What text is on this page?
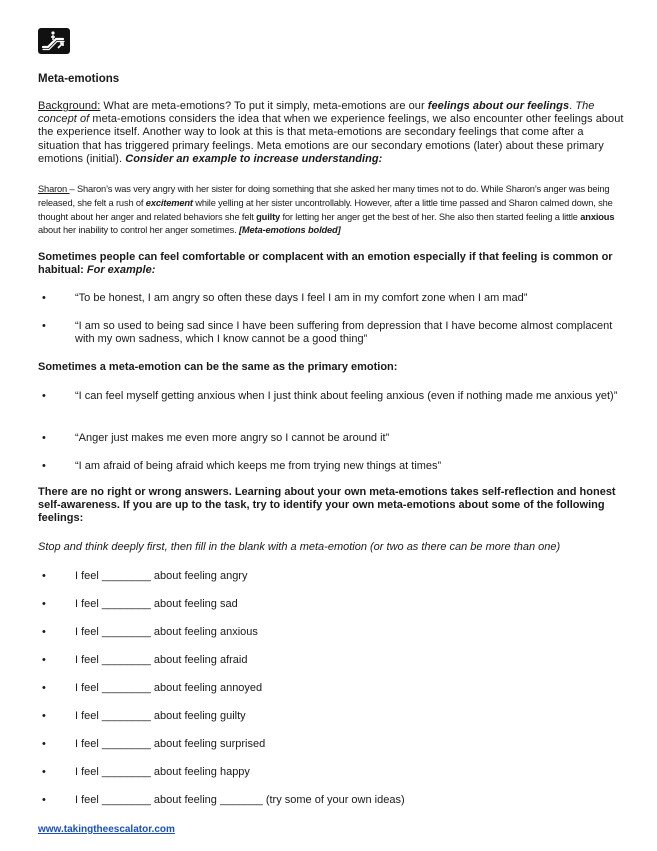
Meta-emotions
Background: What are meta-emotions? To put it simply, meta-emotions are our feelings about our feelings. The concept of meta-emotions considers the idea that when we experience feelings, we also encounter other feelings about the experience itself. Another way to look at this is that meta-emotions are secondary feelings that come after a situation that has triggered primary feelings. Meta emotions are our secondary emotions (later) about these primary emotions (initial). Consider an example to increase understanding:
Sharon – Sharon’s was very angry with her sister for doing something that she asked her many times not to do. While Sharon’s anger was being released, she felt a rush of excitement while yelling at her sister uncontrollably. However, after a little time passed and Sharon calmed down, she thought about her anger and related behaviors she felt guilty for letting her anger get the best of her. She also then started feeling a little anxious about her inability to control her anger sometimes. [Meta-emotions bolded]
Sometimes people can feel comfortable or complacent with an emotion especially if that feeling is common or habitual: For example:
•	“To be honest, I am angry so often these days I feel I am in my comfort zone when I am mad”
•	“I am so used to being sad since I have been suffering from depression that I have become almost complacent with my own sadness, which I know cannot be a good thing”
Sometimes a meta-emotion can be the same as the primary emotion:
•	“I can feel myself getting anxious when I just think about feeling anxious (even if nothing made me anxious yet)”
•	“Anger just makes me even more angry so I cannot be around it”
•	“I am afraid of being afraid which keeps me from trying new things at times”
There are no right or wrong answers. Learning about your own meta-emotions takes self-reflection and honest self-awareness. If you are up to the task, try to identify your own meta-emotions about some of the following feelings:
Stop and think deeply first, then fill in the blank with a meta-emotion (or two as there can be more than one)
•	I feel ________ about feeling angry
•	I feel ________ about feeling sad
•	I feel ________ about feeling anxious
•	I feel ________ about feeling afraid
•	I feel ________ about feeling annoyed
•	I feel ________ about feeling guilty
•	I feel ________ about feeling surprised
•	I feel ________ about feeling happy
•	I feel ________ about feeling _______ (try some of your own ideas)
www.takingtheescalator.com
